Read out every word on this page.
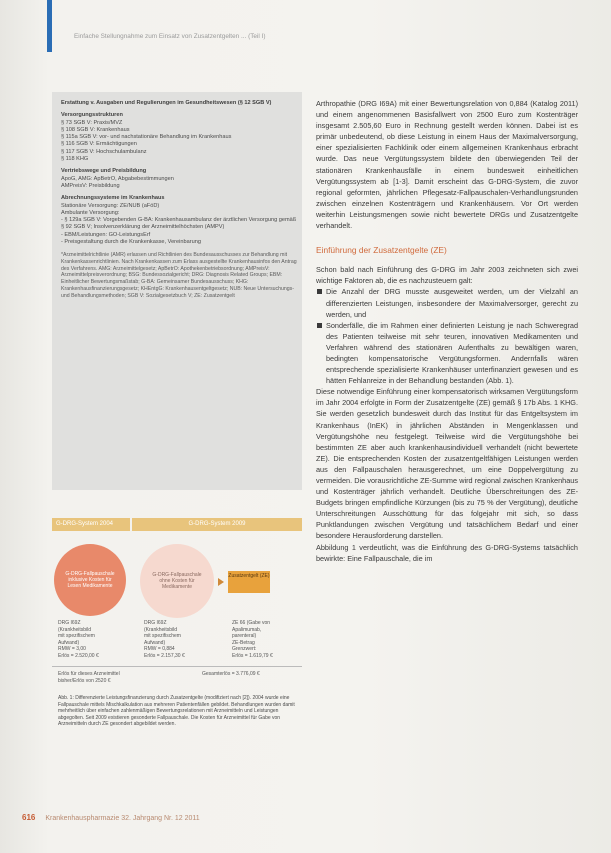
Einfache Stellungnahme zum Einsatz von Zusatzentgelten ... (Teil I)
Erstattung v. Ausgaben und Regulierungen im Gesundheitswesen (§ 12 SGB V)
Versorgungsstrukturen
§ 73 SGB V: Praxis/MVZ
§ 108 SGB V: Krankenhaus
§ 115a SGB V: vor- und nachstationäre Behandlung im Krankenhaus
§ 116 SGB V: Ermächtigungen
§ 117 SGB V: Hochschulambulanz
§ 118 KHG
Vertriebswege und Preisbildung
ApoG, AMG: ApBetrO, Abgabebestimmungen
AMPreisV: Preisbildung
Abrechnungssysteme im Krankenhaus
Stationäre Versorgung: ZE/NUB (aFöD)
Ambulante Versorgung:
- § 129a SGB V: Vorgebenden G-BA: Krankenhausambulanz der ärztlichen Versorgung gemäß § 92 SGB V; Insolvenzerklärung der Arzneimittelhöchsten (AMPV)
- EBM/Leistungen: GO-LeistungsErf
- Preisgestaltung durch die Krankenkasse, Vereinbarung
*Arzneimittelrichtlinie (AMR) erlassen und Richtlinien des Bundesausschusses zur Behandlung mit Krankenkassenrichtlinien. Nach Krankenkassen zum Erlass ausgestellte Krankenhausinfos den Antrag des Verfahrens. AMG: Arzneimittelgesetz; ApBetrO: Apothekenbetriebsordnung; AMPreisV: Arzneimittelpreisverordnung; BSG: Bundessozialgericht; DRG: Diagnosis Related Groups; EBM: Einheitlicher Bewertungsmaßstab; G-BA: Gemeinsamer Bundesausschuss; KHG: Krankenhausfinanzierungsgesetz; KHEntgG: Krankenhausentgeltgesetz; NUB: Neue Untersuchungs- und Behandlungsmethoden; SGB V: Sozialgesetzbuch V; ZE: Zusatzentgelt
G-DRG-System 2004	G-DRG-System 2009
G-DRG-Fallpauschale inklusive Kosten für Lesen Medikamente
G-DRG-Fallpauschale ohne Kosten für Medikamente
Zusatzentgelt (ZE)
DRG I69Z
(Krankheitsbild
mit spezifischem
Aufwand)
RMW = 3,00
Erlös = 2.520,00 €
DRG I69Z
(Krankheitsbild
mit spezifischem
Aufwand)
RMW = 0,884
Erlös = 2.157,30 €
ZE 66 (Gabe von
Apalimumab,
parenteral)
ZE-Betrag
Grenzwert:
Erlös = 1.619,79 €
Erlös für dieses Arzneimittel
bisher/Erlös von 2520 €
Gesamterlös = 3.776,09 €
Abb. 1: Differenzierte Leistungsfinanzierung durch Zusatzentgelte (modifiziert nach [2]). 2004 wurde eine Fallpauschale mittels Mischkalkulation aus mehreren Patientenfällen gebildet. Behandlungen wurden damit mehrheitlich über einfachen zahlenmäßigen Bewertungsrelationen mit Arzneimitteln und Leistungen abgegolten. Seit 2009 existieren gesonderte Fallpauschale. Die Kosten für Arzneimittel für Gabe von Arzneimitteln durch ZE gesondert abgebildet werden.

Arthropathie (DRG I69A) mit einer Bewertungsrelation von 0,884 (Katalog 2011) und einem angenommenen Basisfallwert von 2500 Euro zum Kostenträger insgesamt 2.505,60 Euro in Rechnung gestellt werden können. Dabei ist es primär unbedeutend, ob diese Leistung in einem Haus der Maximalversorgung, einer spezialisierten Fachklinik oder einem allgemeinen Krankenhaus erbracht wurde. Das neue Vergütungssystem bildete den überwiegenden Teil der stationären Krankenhausfälle in einem bundesweit einheitlichen Vergütungssystem ab [1-3]. Damit erscheint das G-DRG-System, die zuvor regional geformten, jährlichen Pflegesatz-Fallpauschalen-Verhandlungsrunden zwischen einzelnen Kostenträgern und Krankenhäusern. Vor Ort werden weiterhin Leistungsmengen sowie nicht bewertete DRGs und Zusatzentgelte verhandelt.

Einführung der Zusatzentgelte (ZE)

Schon bald nach Einführung des G-DRG im Jahr 2003 zeichneten sich zwei wichtige Faktoren ab, die es nachzusteuern galt:

Die Anzahl der DRG musste ausgeweitet werden, um der Vielzahl an differenzierten Leistungen, insbesondere der Maximalversorger, gerecht zu werden, und

Sonderfälle, die im Rahmen einer definierten Leistung je nach Schweregrad des Patienten teilweise mit sehr teuren, innovativen Medikamenten und Verfahren während des stationären Aufenthalts zu bewältigen waren, bedingten kompensatorische Vergütungsformen. Andernfalls wären entsprechende spezialisierte Krankenhäuser unterfinanziert gewesen und es hätten Fehlanreize in der Behandlung bestanden (Abb. 1).

Diese notwendige Einführung einer kompensatorisch wirksamen Vergütungsform im Jahr 2004 erfolgte in Form der Zusatzentgelte (ZE) gemäß § 17b Abs. 1 KHG. Sie werden gesetzlich bundesweit durch das Institut für das Entgeltsystem im Krankenhaus (InEK) in jährlichen Abständen in Mengenklassen und Vergütungshöhe neu festgelegt. Teilweise wird die Vergütungshöhe bei bestimmten ZE aber auch krankenhausindividuell verhandelt (nicht bewertete ZE). Die entsprechenden Kosten der zusatzentgeltfähigen Leistungen werden aus den Fallpauschalen herausgerechnet, um eine Doppelvergütung zu vermeiden. Die vorausrichtliche ZE-Summe wird regional zwischen Krankenhaus und Kostenträger jährlich verhandelt. Deutliche Überschreitungen des ZE-Budgets bringen empfindliche Kürzungen (bis zu 75 % der Vergütung), deutliche Unterschreitungen Ausschüttung für das folgejahr mit sich, so dass Punktlandungen zwischen Vergütung und tatsächlichem Bedarf und einer besondere Herausforderung darstellen.

Abbildung 1 verdeutlicht, was die Einführung des G-DRG-Systems tatsächlich bewirkte: Eine Fallpauschale, die im

616 Krankenhauspharmazie 32. Jahrgang Nr. 12 2011
